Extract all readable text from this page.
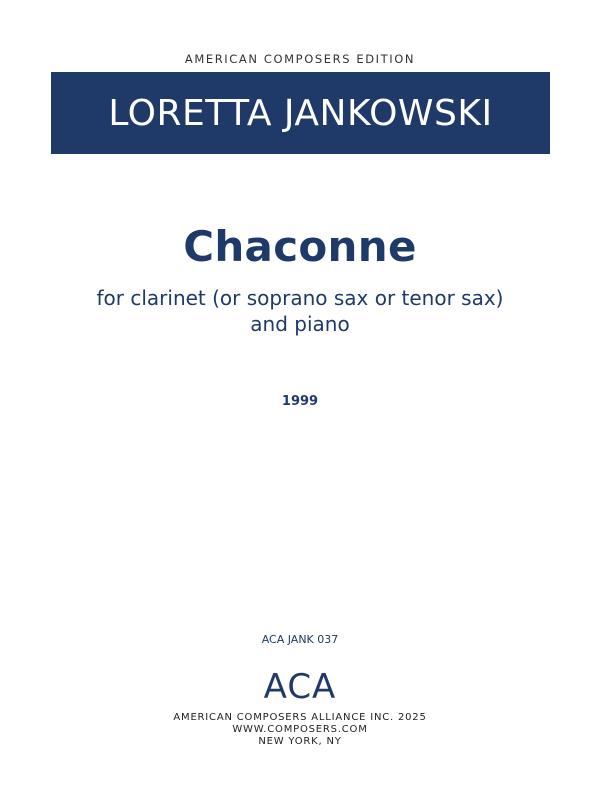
AMERICAN COMPOSERS EDITION
LORETTA JANKOWSKI
Chaconne
for clarinet (or soprano sax or tenor sax)
and piano
1999
ACA JANK 037
ACA
AMERICAN COMPOSERS ALLIANCE INC. 2025
WWW.COMPOSERS.COM
NEW YORK, NY
